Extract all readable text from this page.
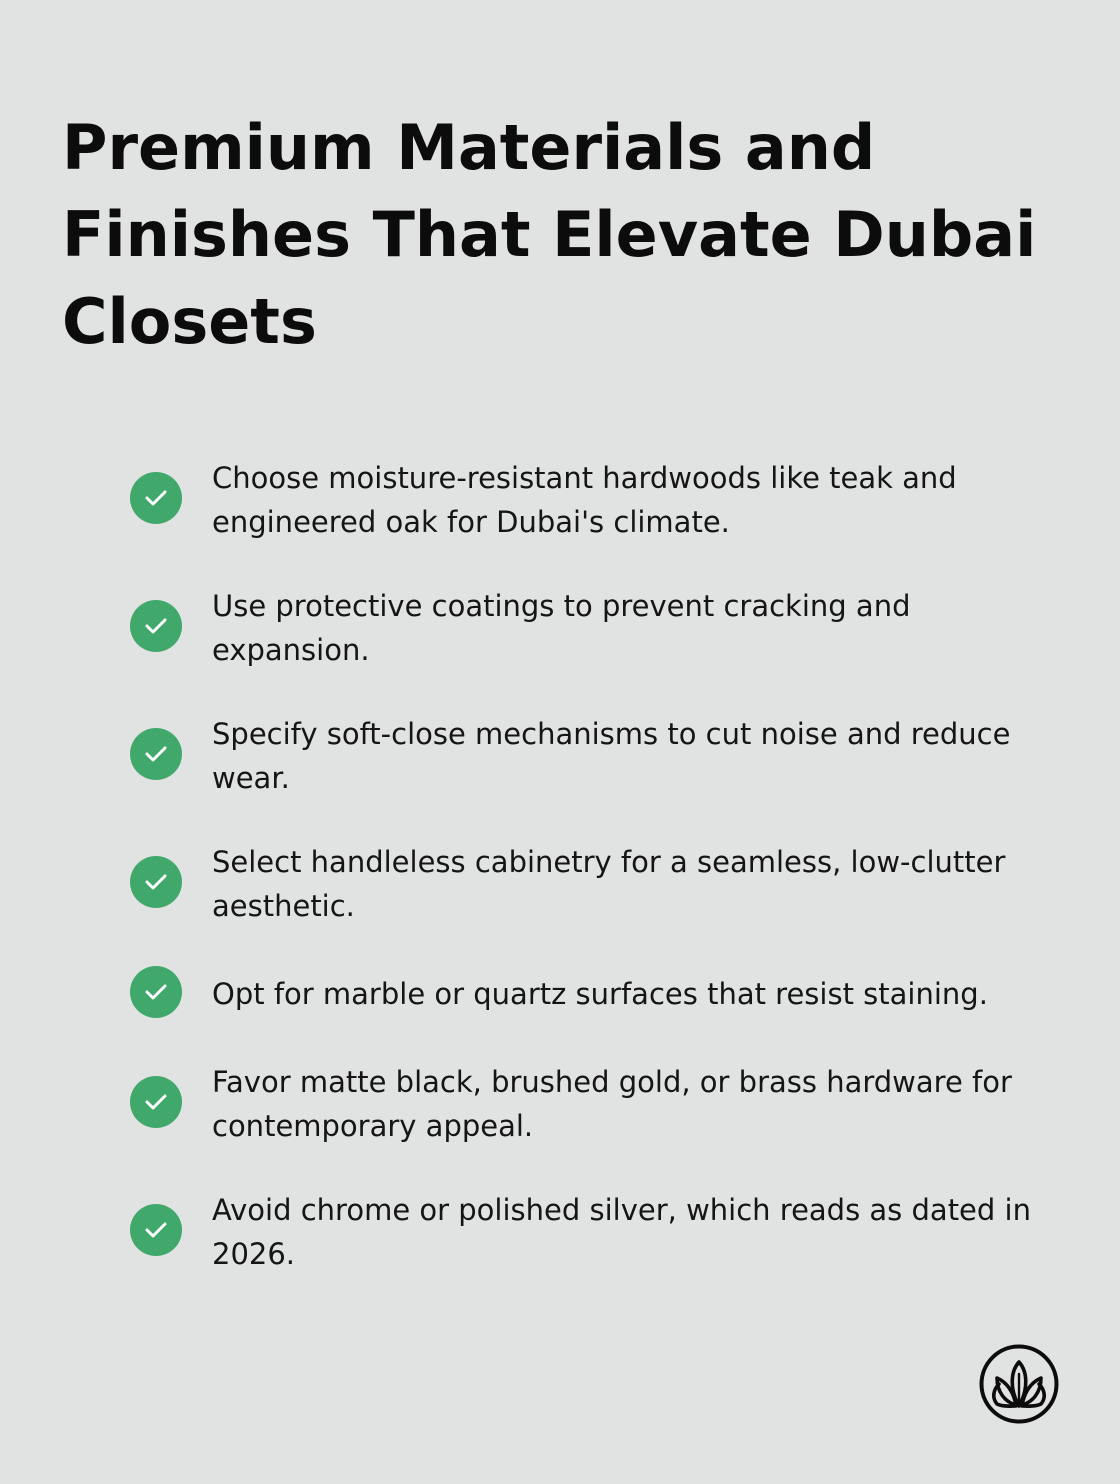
Premium Materials and Finishes That Elevate Dubai Closets
Choose moisture-resistant hardwoods like teak and engineered oak for Dubai's climate.
Use protective coatings to prevent cracking and expansion.
Specify soft-close mechanisms to cut noise and reduce wear.
Select handleless cabinetry for a seamless, low-clutter aesthetic.
Opt for marble or quartz surfaces that resist staining.
Favor matte black, brushed gold, or brass hardware for contemporary appeal.
Avoid chrome or polished silver, which reads as dated in 2026.
